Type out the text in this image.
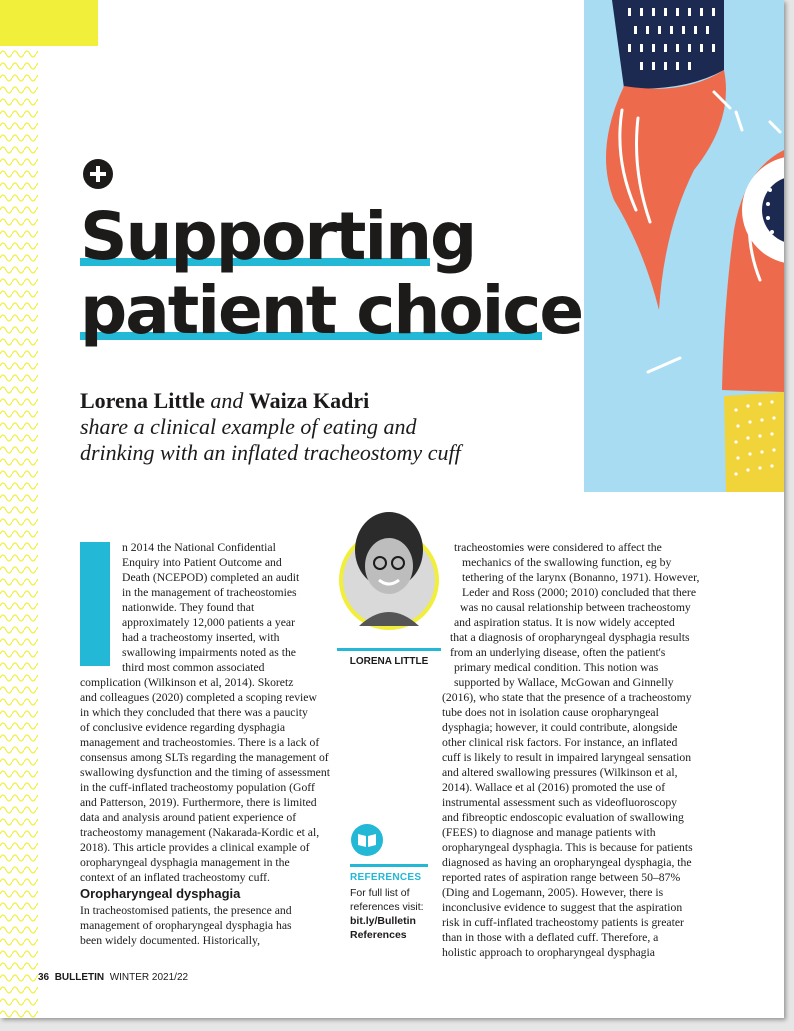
Supporting
patient choice
Lorena Little and Waiza Kadri
share a clinical example of eating and drinking with an inflated tracheostomy cuff
n 2014 the National Confidential
Enquiry into Patient Outcome and
Death (NCEPOD) completed an audit
in the management of tracheostomies
nationwide. They found that
approximately 12,000 patients a year
had a tracheostomy inserted, with
swallowing impairments noted as the
third most common associated
complication (Wilkinson et al, 2014). Skoretz
and colleagues (2020) completed a scoping review
in which they concluded that there was a paucity
of conclusive evidence regarding dysphagia
management and tracheostomies. There is a lack of
consensus among SLTs regarding the management of
swallowing dysfunction and the timing of assessment
in the cuff-inflated tracheostomy population (Goff
and Patterson, 2019). Furthermore, there is limited
data and analysis around patient experience of
tracheostomy management (Nakarada-Kordic et al,
2018). This article provides a clinical example of
oropharyngeal dysphagia management in the
context of an inflated tracheostomy cuff.
Oropharyngeal dysphagia
In tracheostomised patients, the presence and
management of oropharyngeal dysphagia has
been widely documented. Historically,
LORENA LITTLE
REFERENCES
For full list of
references visit:
bit.ly/Bulletin
References
tracheostomies were considered to affect the
mechanics of the swallowing function, eg by
tethering of the larynx (Bonanno, 1971). However,
Leder and Ross (2000; 2010) concluded that there
was no causal relationship between tracheostomy
and aspiration status. It is now widely accepted
that a diagnosis of oropharyngeal dysphagia results
from an underlying disease, often the patient's
primary medical condition. This notion was
supported by Wallace, McGowan and Ginnelly
(2016), who state that the presence of a tracheostomy
tube does not in isolation cause oropharyngeal
dysphagia; however, it could contribute, alongside
other clinical risk factors. For instance, an inflated
cuff is likely to result in impaired laryngeal sensation
and altered swallowing pressures (Wilkinson et al,
2014). Wallace et al (2016) promoted the use of
instrumental assessment such as videofluoroscopy
and fibreoptic endoscopic evaluation of swallowing
(FEES) to diagnose and manage patients with
oropharyngeal dysphagia. This is because for patients
diagnosed as having an oropharyngeal dysphagia, the
reported rates of aspiration range between 50–87%
(Ding and Logemann, 2005). However, there is
inconclusive evidence to suggest that the aspiration
risk in cuff-inflated tracheostomy patients is greater
than in those with a deflated cuff. Therefore, a
holistic approach to oropharyngeal dysphagia
36 BULLETIN WINTER 2021/22
